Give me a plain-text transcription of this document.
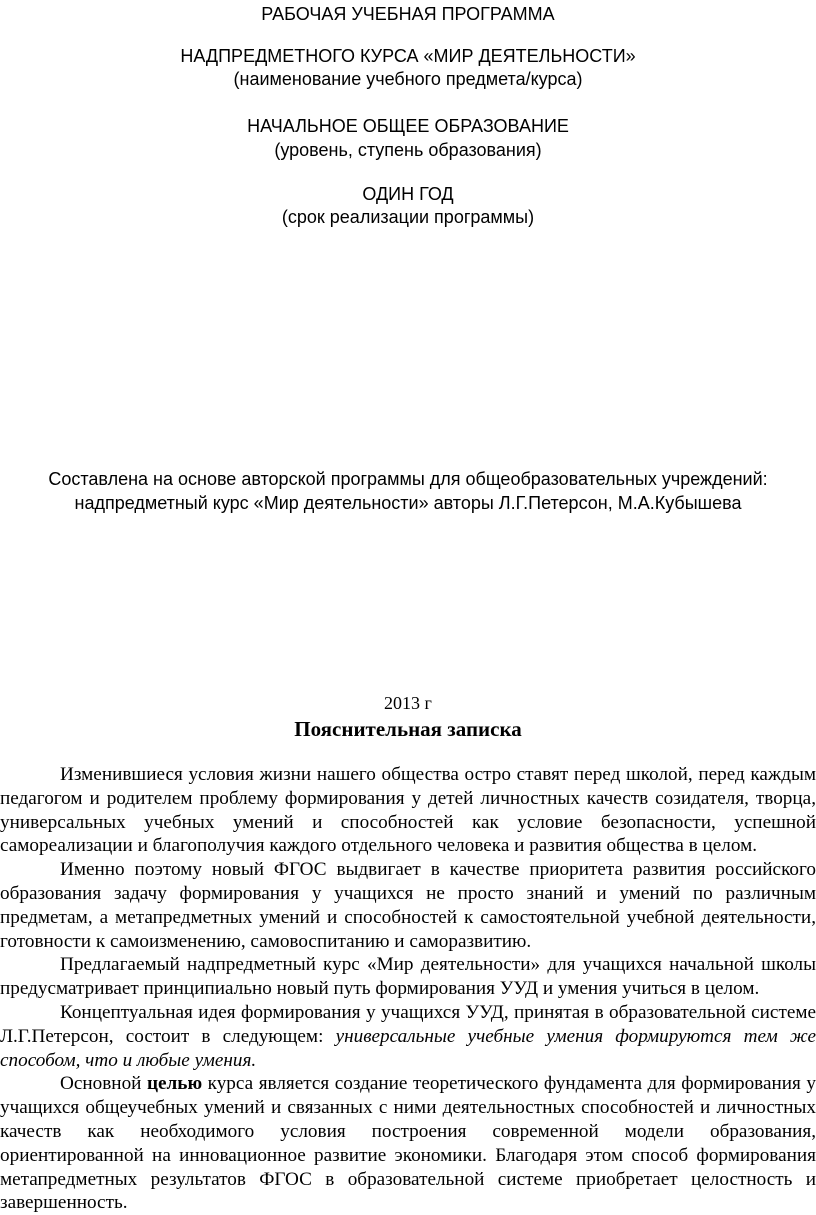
РАБОЧАЯ УЧЕБНАЯ ПРОГРАММА
НАДПРЕДМЕТНОГО КУРСА «МИР ДЕЯТЕЛЬНОСТИ»
(наименование учебного предмета/курса)
НАЧАЛЬНОЕ ОБЩЕЕ ОБРАЗОВАНИЕ
(уровень, ступень образования)
ОДИН ГОД
(срок реализации программы)
Составлена на основе авторской программы для общеобразовательных учреждений:
надпредметный курс «Мир деятельности» авторы Л.Г.Петерсон, М.А.Кубышева
2013 г
Пояснительная записка

Изменившиеся условия жизни нашего общества остро ставят перед школой, перед каждым педагогом и родителем проблему формирования у детей личностных качеств созидателя, творца, универсальных учебных умений и способностей как условие безопасности, успешной самореализации и благополучия каждого отдельного человека и развития общества в целом.

Именно поэтому новый ФГОС выдвигает в качестве приоритета развития российского образования задачу формирования у учащихся не просто знаний и умений по различным предметам, а метапредметных умений и способностей к самостоятельной учебной деятельности, готовности к самоизменению, самовоспитанию и саморазвитию.

Предлагаемый надпредметный курс «Мир деятельности» для учащихся начальной школы предусматривает принципиально новый путь формирования УУД и умения учиться в целом.

Концептуальная идея формирования у учащихся УУД, принятая в образовательной системе Л.Г.Петерсон, состоит в следующем: универсальные учебные умения формируются тем же способом, что и любые умения.

Основной целью курса является создание теоретического фундамента для формирования у учащихся общеучебных умений и связанных с ними деятельностных способностей и личностных качеств как необходимого условия построения современной модели образования, ориентированной на инновационное развитие экономики. Благодаря этом способ формирования метапредметных результатов ФГОС в образовательной системе приобретает целостность и завершенность.
